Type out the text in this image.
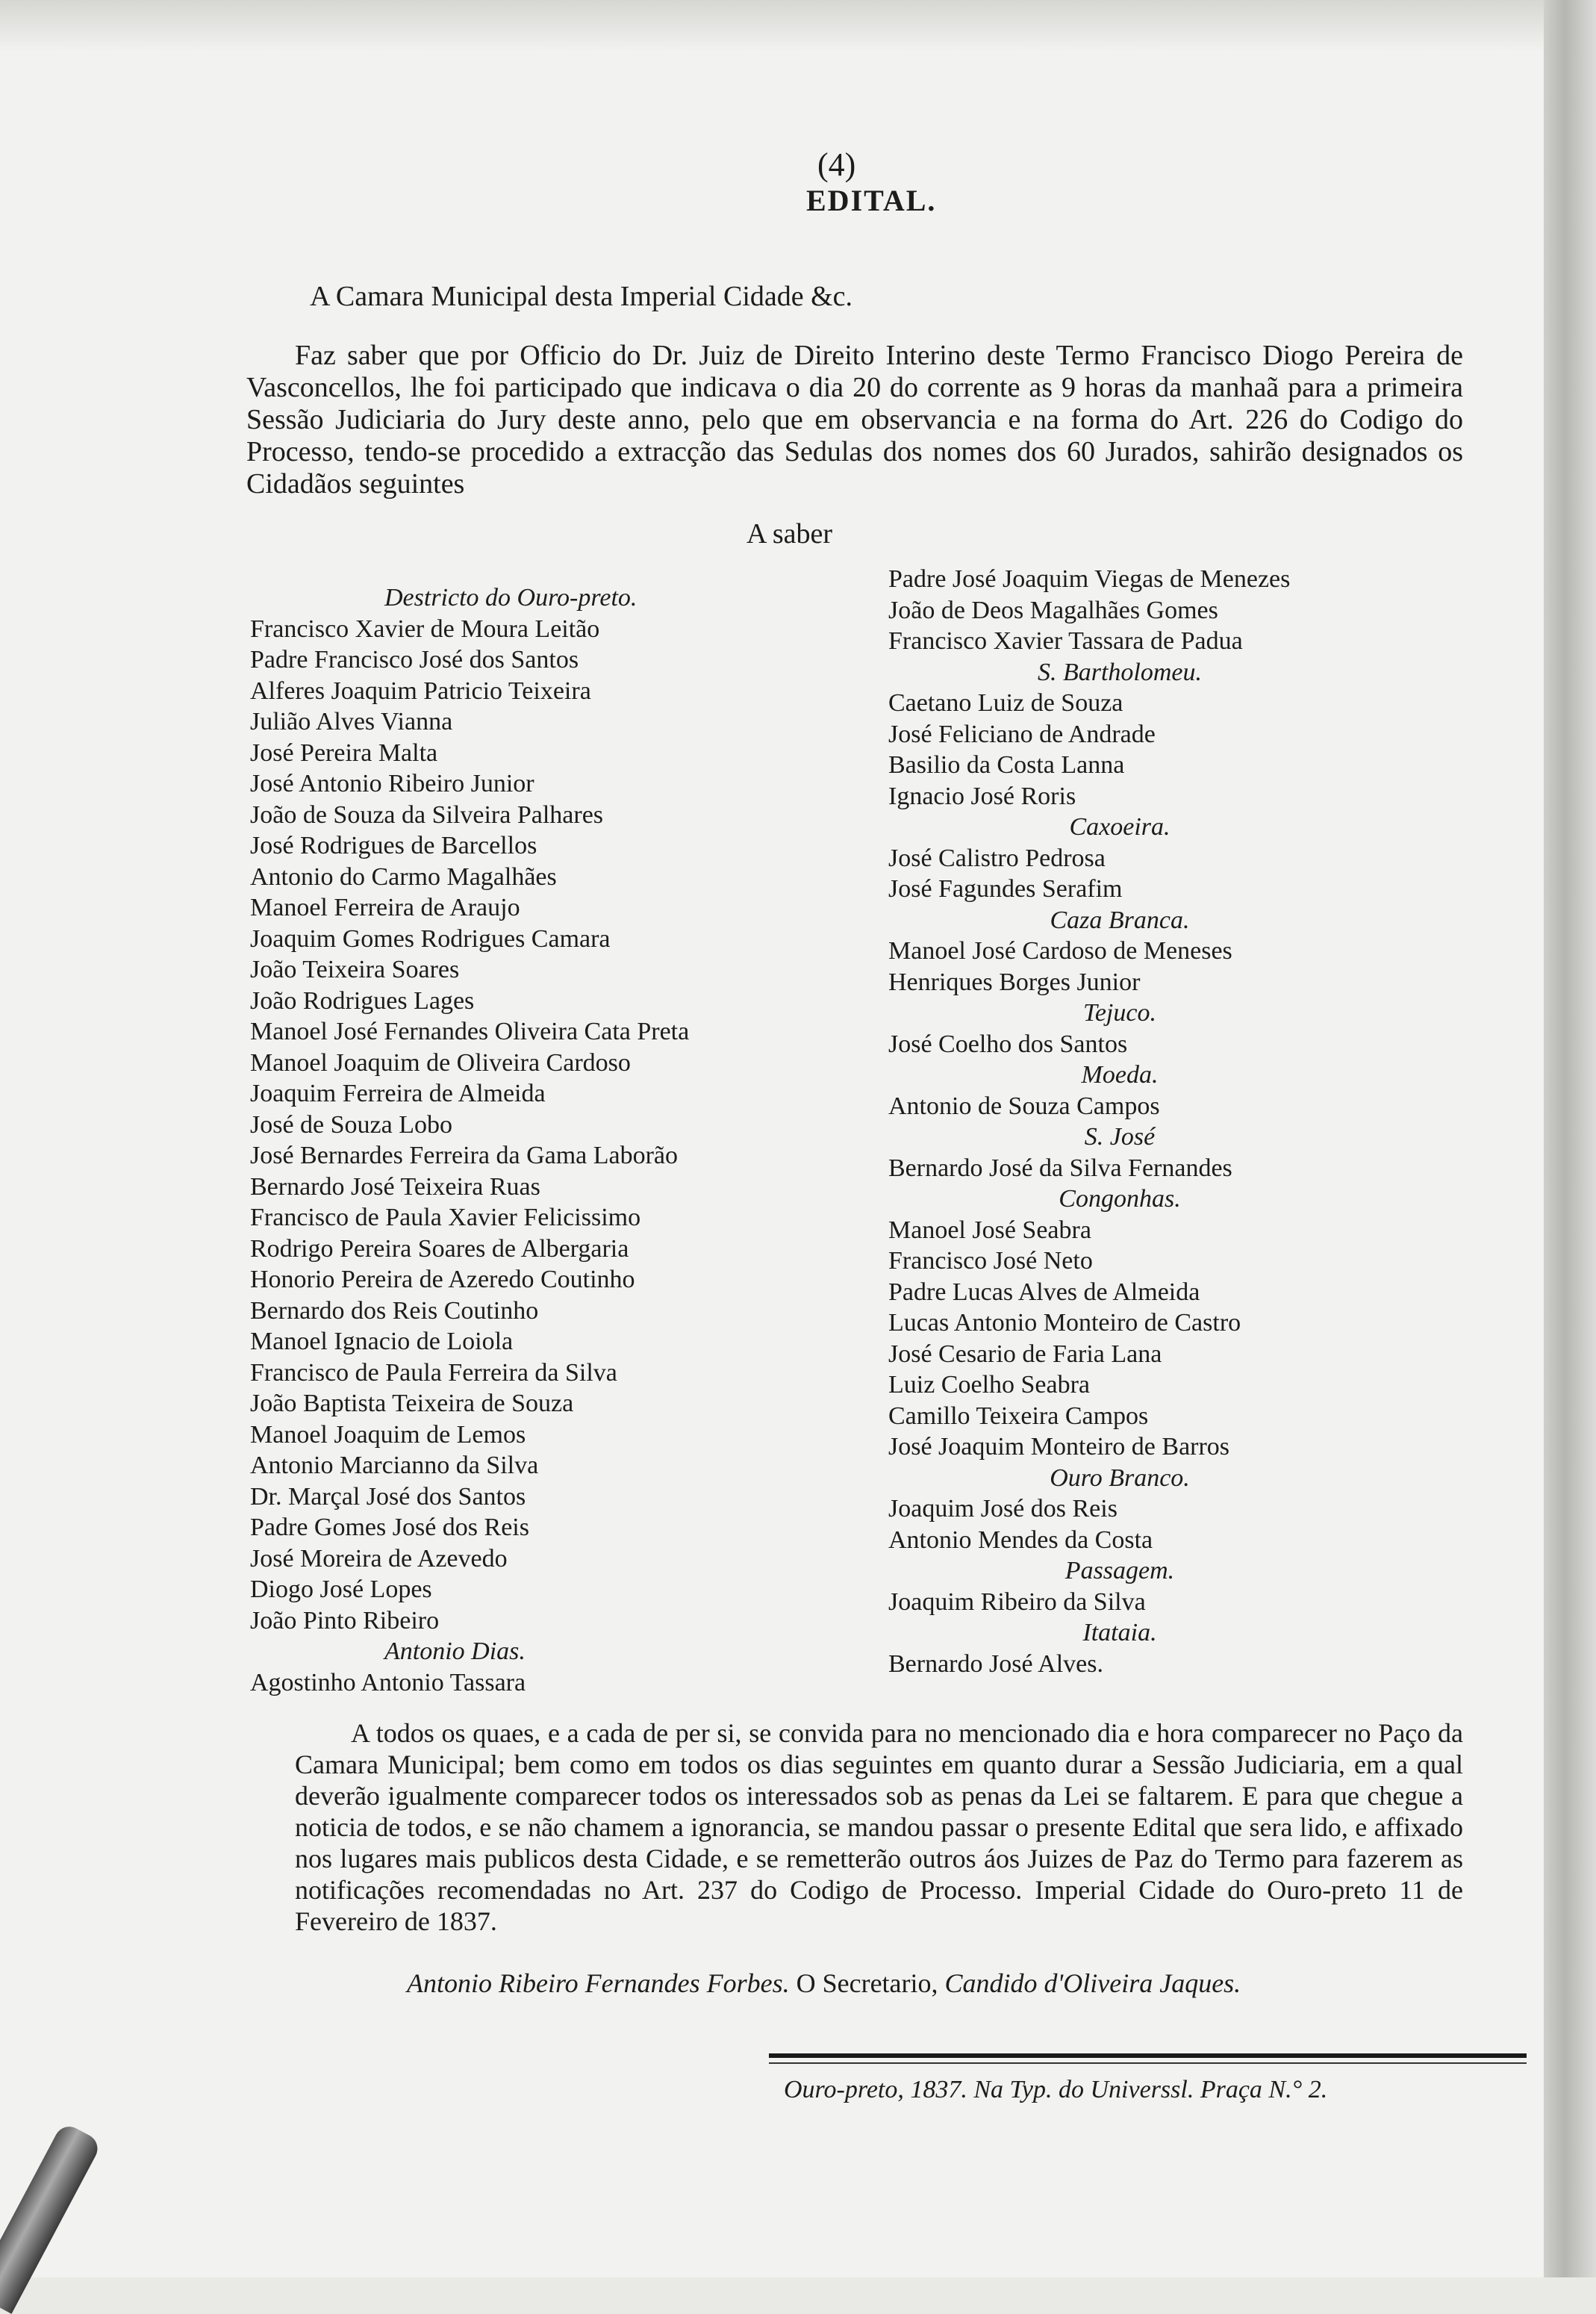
(4)
EDITAL.
A Camara Municipal desta Imperial Cidade &c.
Faz saber que por Officio do Dr. Juiz de Direito Interino deste Termo Francisco Diogo Pereira de Vasconcellos, lhe foi participado que indicava o dia 20 do corrente as 9 horas da manhaã para a primeira Sessão Judiciaria do Jury deste anno, pelo que em observancia e na forma do Art. 226 do Codigo do Processo, tendo-se procedido a extracção das Sedulas dos nomes dos 60 Jurados, sahirão designados os Cidadãos seguintes
A saber
Destricto do Ouro-preto.
Francisco Xavier de Moura Leitão
Padre Francisco José dos Santos
Alferes Joaquim Patricio Teixeira
Julião Alves Vianna
José Pereira Malta
José Antonio Ribeiro Junior
João de Souza da Silveira Palhares
José Rodrigues de Barcellos
Antonio do Carmo Magalhães
Manoel Ferreira de Araujo
Joaquim Gomes Rodrigues Camara
João Teixeira Soares
João Rodrigues Lages
Manoel José Fernandes Oliveira Cata Preta
Manoel Joaquim de Oliveira Cardoso
Joaquim Ferreira de Almeida
José de Souza Lobo
José Bernardes Ferreira da Gama Laborão
Bernardo José Teixeira Ruas
Francisco de Paula Xavier Felicissimo
Rodrigo Pereira Soares de Albergaria
Honorio Pereira de Azeredo Coutinho
Bernardo dos Reis Coutinho
Manoel Ignacio de Loiola
Francisco de Paula Ferreira da Silva
João Baptista Teixeira de Souza
Manoel Joaquim de Lemos
Antonio Marcianno da Silva
Dr. Marçal José dos Santos
Padre Gomes José dos Reis
José Moreira de Azevedo
Diogo José Lopes
João Pinto Ribeiro
Antonio Dias.
Agostinho Antonio Tassara
Padre José Joaquim Viegas de Menezes
João de Deos Magalhães Gomes
Francisco Xavier Tassara de Padua
S. Bartholomeu.
Caetano Luiz de Souza
José Feliciano de Andrade
Basilio da Costa Lanna
Ignacio José Roris
Caxoeira.
José Calistro Pedrosa
José Fagundes Serafim
Caza Branca.
Manoel José Cardoso de Meneses
Henriques Borges Junior
Tejuco.
José Coelho dos Santos
Moeda.
Antonio de Souza Campos
S. José
Bernardo José da Silva Fernandes
Congonhas.
Manoel José Seabra
Francisco José Neto
Padre Lucas Alves de Almeida
Lucas Antonio Monteiro de Castro
José Cesario de Faria Lana
Luiz Coelho Seabra
Camillo Teixeira Campos
José Joaquim Monteiro de Barros
Ouro Branco.
Joaquim José dos Reis
Antonio Mendes da Costa
Passagem.
Joaquim Ribeiro da Silva
Itataia.
Bernardo José Alves.
A todos os quaes, e a cada de per si, se convida para no mencionado dia e hora comparecer no Paço da Camara Municipal; bem como em todos os dias seguintes em quanto durar a Sessão Judiciaria, em a qual deverão igualmente comparecer todos os interessados sob as penas da Lei se faltarem. E para que chegue a noticia de todos, e se não chamem a ignorancia, se mandou passar o presente Edital que sera lido, e affixado nos lugares mais publicos desta Cidade, e se remetterão outros áos Juizes de Paz do Termo para fazerem as notificações recomendadas no Art. 237 do Codigo de Processo. Imperial Cidade do Ouro-preto 11 de Fevereiro de 1837.
Antonio Ribeiro Fernandes Forbes. O Secretario, Candido d'Oliveira Jaques.
Ouro-preto, 1837. Na Typ. do Universsl. Praça N.° 2.
